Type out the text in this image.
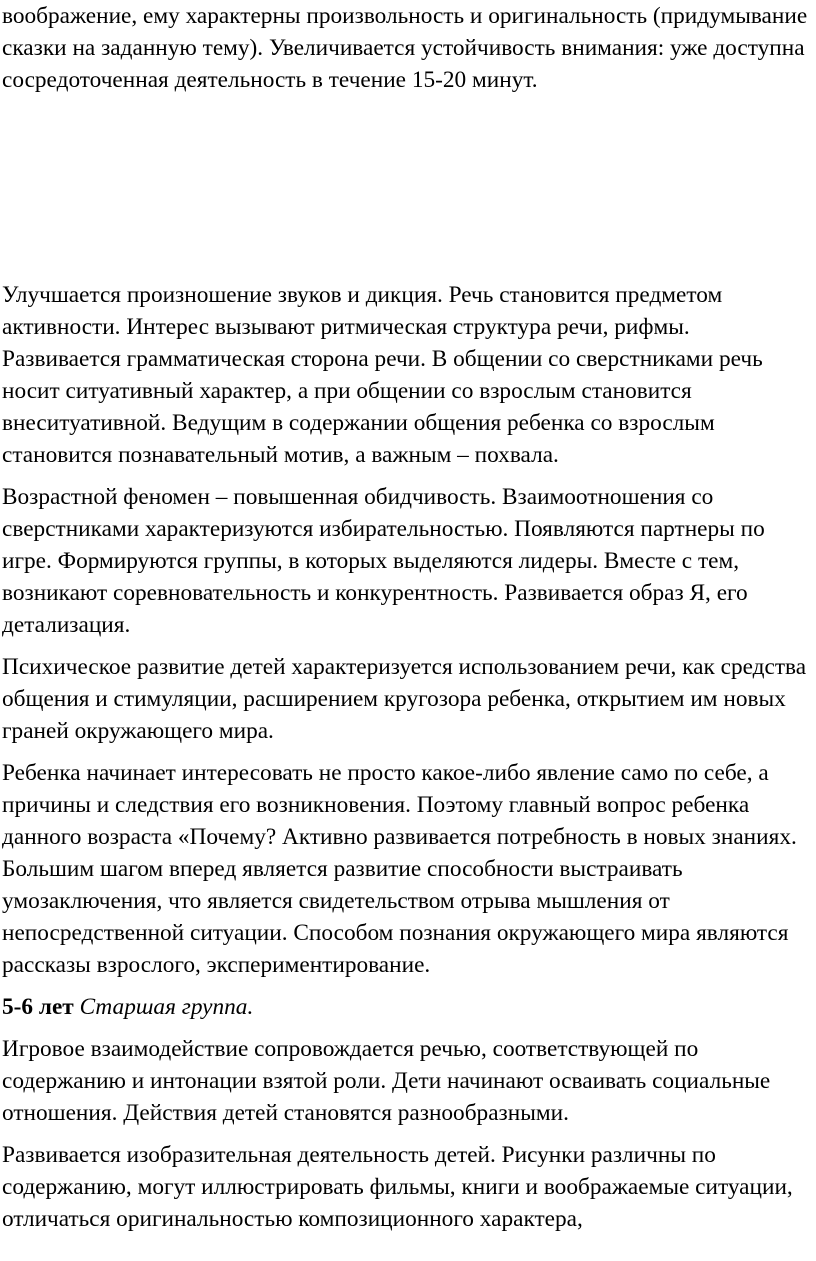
воображение, ему характерны произвольность и оригинальность (придумывание сказки на заданную тему). Увеличивается устойчивость внимания: уже доступна сосредоточенная деятельность в течение 15-20 минут.

Улучшается произношение звуков и дикция. Речь становится предметом активности. Интерес вызывают ритмическая структура речи, рифмы. Развивается грамматическая сторона речи. В общении со сверстниками речь носит ситуативный характер, а при общении со взрослым становится внеситуативной. Ведущим в содержании общения ребенка со взрослым становится познавательный мотив, а важным – похвала.

Возрастной феномен – повышенная обидчивость. Взаимоотношения со сверстниками характеризуются избирательностью. Появляются партнеры по игре. Формируются группы, в которых выделяются лидеры. Вместе с тем, возникают соревновательность и конкурентность. Развивается образ Я, его детализация.

Психическое развитие детей характеризуется использованием речи, как средства общения и стимуляции, расширением кругозора ребенка, открытием им новых граней окружающего мира.

Ребенка начинает интересовать не просто какое-либо явление само по себе, а причины и следствия его возникновения. Поэтому главный вопрос ребенка данного возраста «Почему? Активно развивается потребность в новых знаниях. Большим шагом вперед является развитие способности выстраивать умозаключения, что является свидетельством отрыва мышления от непосредственной ситуации. Способом познания окружающего мира являются рассказы взрослого, экспериментирование.

5-6 лет Старшая группа.

Игровое взаимодействие сопровождается речью, соответствующей по содержанию и интонации взятой роли. Дети начинают осваивать социальные отношения. Действия детей становятся разнообразными.

Развивается изобразительная деятельность детей. Рисунки различны по содержанию, могут иллюстрировать фильмы, книги и воображаемые ситуации, отличаться оригинальностью композиционного характера,
